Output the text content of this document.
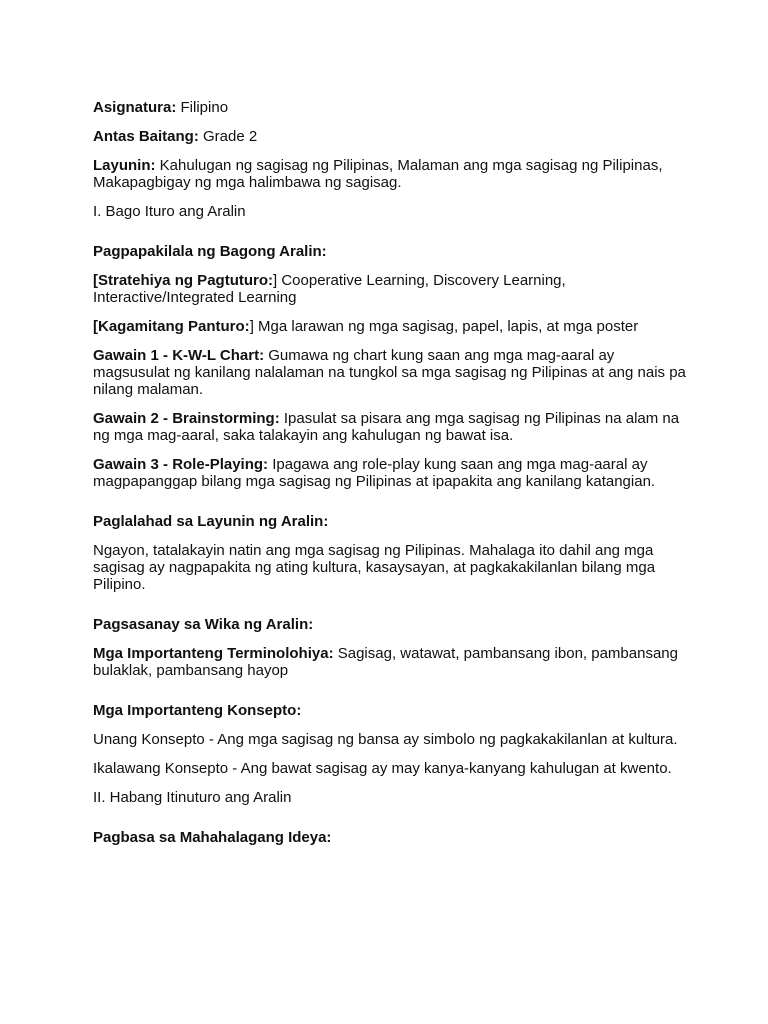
Asignatura: Filipino

Antas Baitang: Grade 2

Layunin: Kahulugan ng sagisag ng Pilipinas, Malaman ang mga sagisag ng Pilipinas, Makapagbigay ng mga halimbawa ng sagisag.

I. Bago Ituro ang Aralin

Pagpapakilala ng Bagong Aralin:

[Stratehiya ng Pagtuturo:] Cooperative Learning, Discovery Learning, Interactive/Integrated Learning

[Kagamitang Panturo:] Mga larawan ng mga sagisag, papel, lapis, at mga poster

Gawain 1 - K-W-L Chart: Gumawa ng chart kung saan ang mga mag-aaral ay magsusulat ng kanilang nalalaman na tungkol sa mga sagisag ng Pilipinas at ang nais pa nilang malaman.

Gawain 2 - Brainstorming: Ipasulat sa pisara ang mga sagisag ng Pilipinas na alam na ng mga mag-aaral, saka talakayin ang kahulugan ng bawat isa.

Gawain 3 - Role-Playing: Ipagawa ang role-play kung saan ang mga mag-aaral ay magpapanggap bilang mga sagisag ng Pilipinas at ipapakita ang kanilang katangian.

Paglalahad sa Layunin ng Aralin:

Ngayon, tatalakayin natin ang mga sagisag ng Pilipinas. Mahalaga ito dahil ang mga sagisag ay nagpapakita ng ating kultura, kasaysayan, at pagkakakilanlan bilang mga Pilipino.

Pagsasanay sa Wika ng Aralin:

Mga Importanteng Terminolohiya: Sagisag, watawat, pambansang ibon, pambansang bulaklak, pambansang hayop

Mga Importanteng Konsepto:

Unang Konsepto - Ang mga sagisag ng bansa ay simbolo ng pagkakakilanlan at kultura.

Ikalawang Konsepto - Ang bawat sagisag ay may kanya-kanyang kahulugan at kwento.

II. Habang Itinuturo ang Aralin

Pagbasa sa Mahahalagang Ideya:
